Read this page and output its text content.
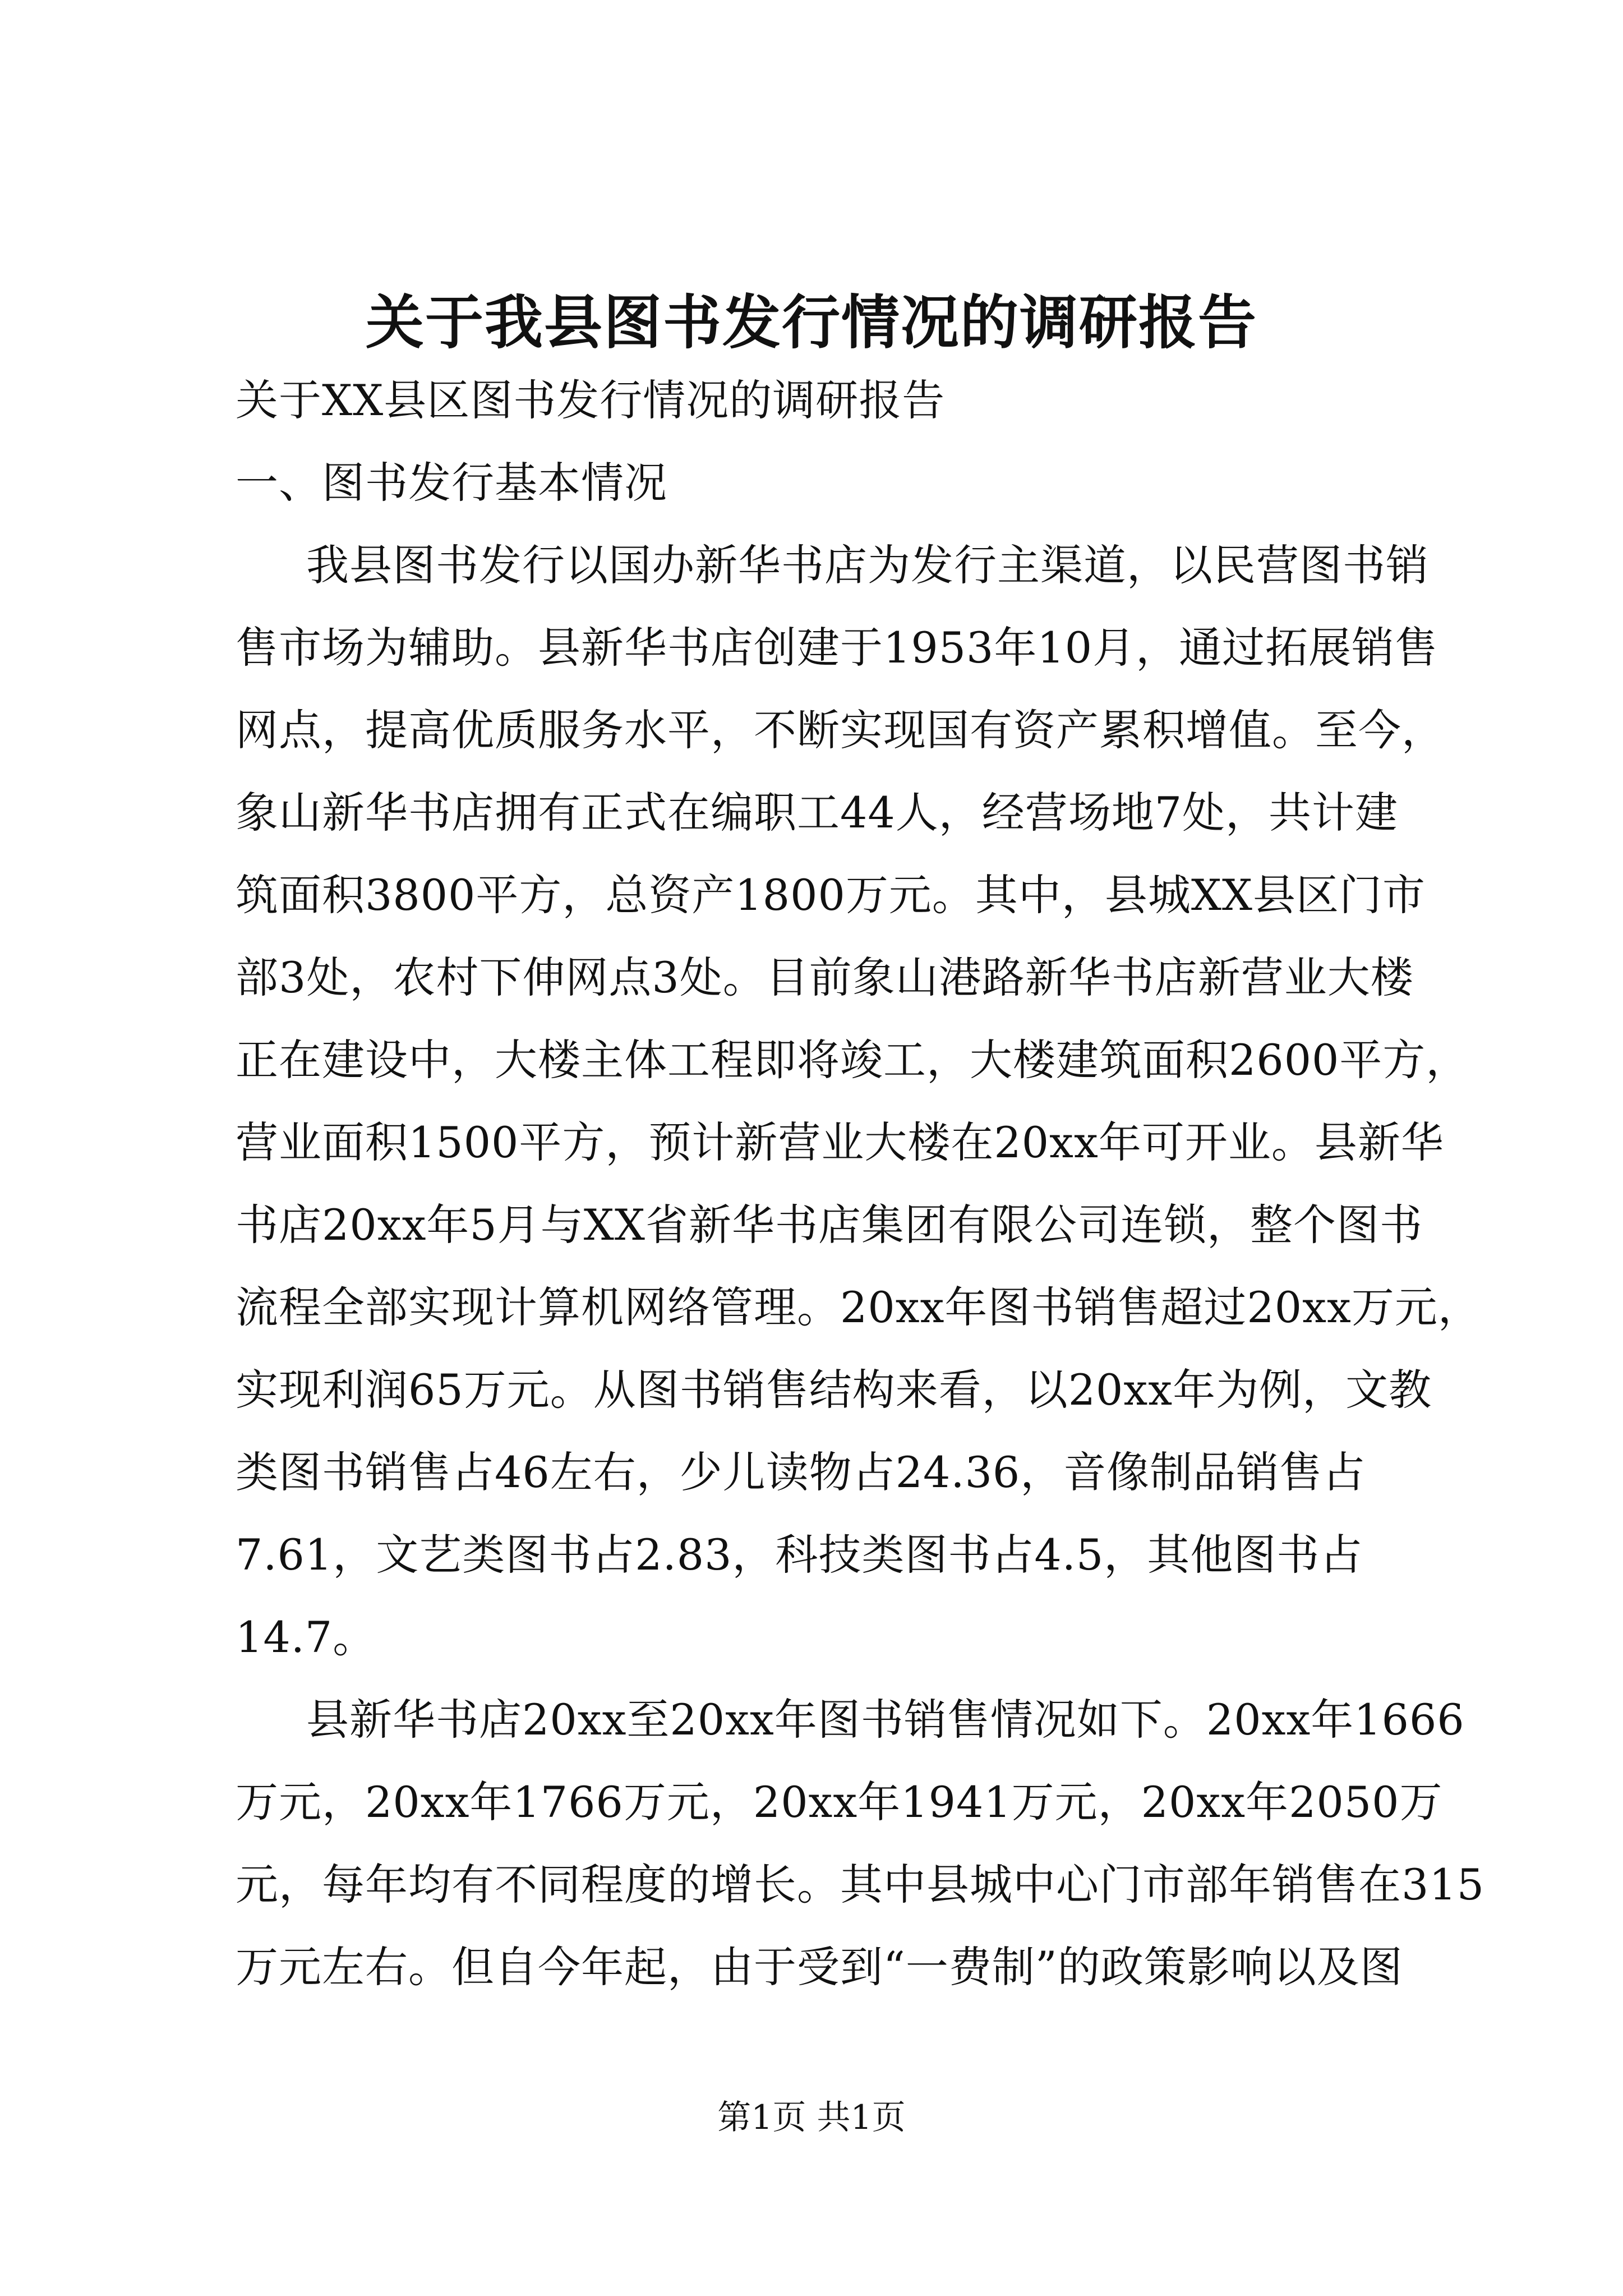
关于我县图书发行情况的调研报告
关于XX县区图书发行情况的调研报告
一、图书发行基本情况
我县图书发行以国办新华书店为发行主渠道，以民营图书销
售市场为辅助。县新华书店创建于1953年10月，通过拓展销售
网点，提高优质服务水平，不断实现国有资产累积增值。至今，
象山新华书店拥有正式在编职工44人，经营场地7处，共计建
筑面积3800平方，总资产1800万元。其中，县城XX县区门市
部3处，农村下伸网点3处。目前象山港路新华书店新营业大楼
正在建设中，大楼主体工程即将竣工，大楼建筑面积2600平方，
营业面积1500平方，预计新营业大楼在20xx年可开业。县新华
书店20xx年5月与XX省新华书店集团有限公司连锁，整个图书
流程全部实现计算机网络管理。20xx年图书销售超过20xx万元，
实现利润65万元。从图书销售结构来看，以20xx年为例，文教
类图书销售占46左右，少儿读物占24.36，音像制品销售占
7.61，文艺类图书占2.83，科技类图书占4.5，其他图书占
14.7。
县新华书店20xx至20xx年图书销售情况如下。20xx年1666
万元，20xx年1766万元，20xx年1941万元，20xx年2050万
元，每年均有不同程度的增长。其中县城中心门市部年销售在315
万元左右。但自今年起，由于受到“一费制”的政策影响以及图
第1页 共1页
